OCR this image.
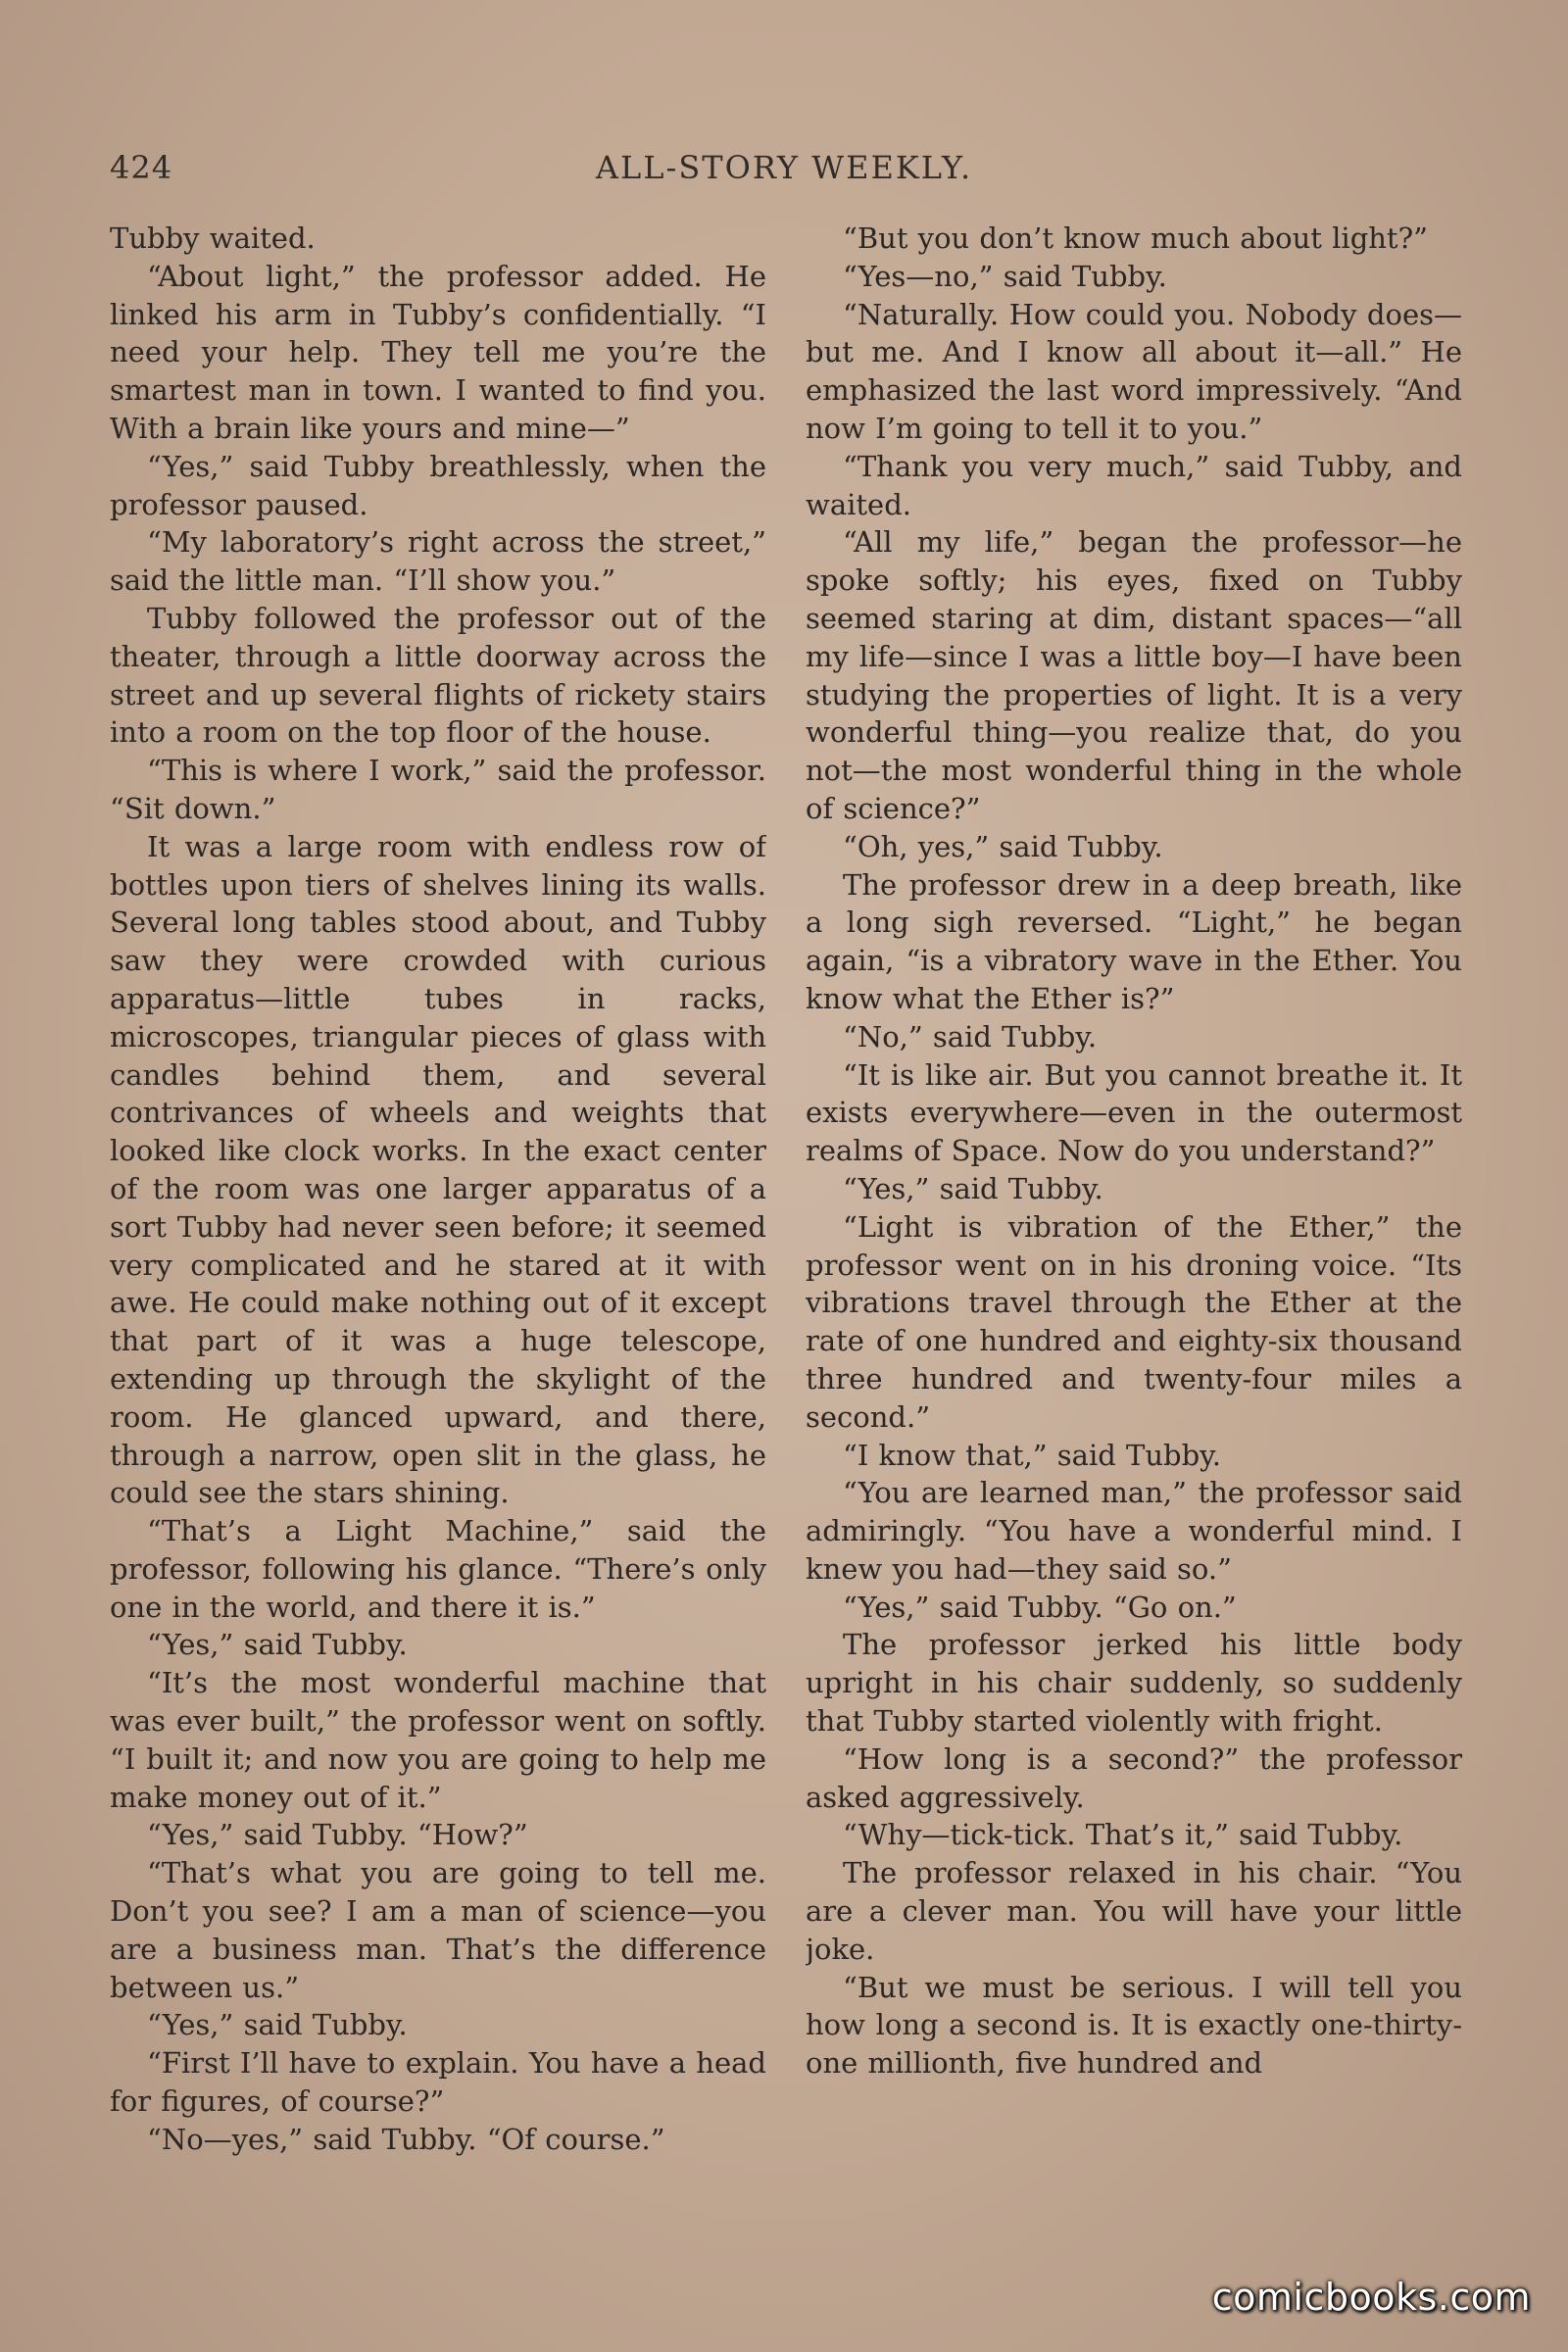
424	ALL-STORY WEEKLY.

Tubby waited.

“About light,” the professor added. He linked his arm in Tubby’s confidentially. “I need your help. They tell me you’re the smartest man in town. I wanted to find you. With a brain like yours and mine—”

“Yes,” said Tubby breathlessly, when the professor paused.

“My laboratory’s right across the street,” said the little man. “I’ll show you.”

Tubby followed the professor out of the theater, through a little doorway across the street and up several flights of rickety stairs into a room on the top floor of the house.

“This is where I work,” said the professor. “Sit down.”

It was a large room with endless row of bottles upon tiers of shelves lining its walls. Several long tables stood about, and Tubby saw they were crowded with curious apparatus—little tubes in racks, microscopes, triangular pieces of glass with candles behind them, and several contrivances of wheels and weights that looked like clock works. In the exact center of the room was one larger apparatus of a sort Tubby had never seen before; it seemed very complicated and he stared at it with awe. He could make nothing out of it except that part of it was a huge telescope, extending up through the skylight of the room. He glanced upward, and there, through a narrow, open slit in the glass, he could see the stars shining.

“That’s a Light Machine,” said the professor, following his glance. “There’s only one in the world, and there it is.”

“Yes,” said Tubby.

“It’s the most wonderful machine that was ever built,” the professor went on softly. “I built it; and now you are going to help me make money out of it.”

“Yes,” said Tubby. “How?”

“That’s what you are going to tell me. Don’t you see? I am a man of science—you are a business man. That’s the difference between us.”

“Yes,” said Tubby.

“First I’ll have to explain. You have a head for figures, of course?”

“No—yes,” said Tubby. “Of course.”

“But you don’t know much about light?”

“Yes—no,” said Tubby.

“Naturally. How could you. Nobody does—but me. And I know all about it—all.” He emphasized the last word impressively. “And now I’m going to tell it to you.”

“Thank you very much,” said Tubby, and waited.

“All my life,” began the professor—he spoke softly; his eyes, fixed on Tubby seemed staring at dim, distant spaces—“all my life—since I was a little boy—I have been studying the properties of light. It is a very wonderful thing—you realize that, do you not—the most wonderful thing in the whole of science?”

“Oh, yes,” said Tubby.

The professor drew in a deep breath, like a long sigh reversed. “Light,” he began again, “is a vibratory wave in the Ether. You know what the Ether is?”

“No,” said Tubby.

“It is like air. But you cannot breathe it. It exists everywhere—even in the outermost realms of Space. Now do you understand?”

“Yes,” said Tubby.

“Light is vibration of the Ether,” the professor went on in his droning voice. “Its vibrations travel through the Ether at the rate of one hundred and eighty-six thousand three hundred and twenty-four miles a second.”

“I know that,” said Tubby.

“You are learned man,” the professor said admiringly. “You have a wonderful mind. I knew you had—they said so.”

“Yes,” said Tubby. “Go on.”

The professor jerked his little body upright in his chair suddenly, so suddenly that Tubby started violently with fright.

“How long is a second?” the professor asked aggressively.

“Why—tick-tick. That’s it,” said Tubby.

The professor relaxed in his chair. “You are a clever man. You will have your little joke.

“But we must be serious. I will tell you how long a second is. It is exactly one-thirty-one millionth, five hundred and

comicbooks.com
